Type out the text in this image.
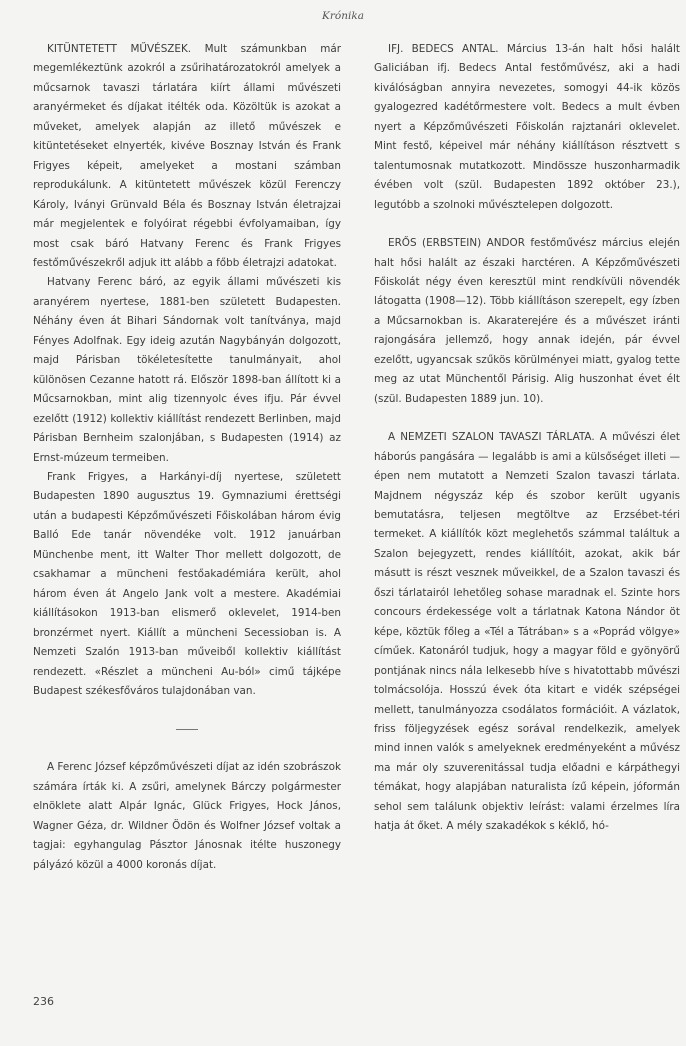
Krónika

KITÜNTETETT MŰVÉSZEK. Mult számunkban már megemlékeztünk azokról a zsűrihatározatokról amelyek a műcsarnok tavaszi tárlatára kiírt állami művészeti aranyérmeket és díjakat itélték oda. Közöltük is azokat a műveket, amelyek alapján az illető művészek e kitüntetéseket elnyerték, kivéve Bosznay István és Frank Frigyes képeit, amelyeket a mostani számban reprodukálunk. A kitüntetett művészek közül Ferenczy Károly, Iványi Grünvald Béla és Bosznay István életrajzai már megjelentek e folyóirat régebbi évfolyamaiban, így most csak báró Hatvany Ferenc és Frank Frigyes festőművészekről adjuk itt alább a főbb életrajzi adatokat.

Hatvany Ferenc báró, az egyik állami művészeti kis aranyérem nyertese, 1881-ben született Budapesten. Néhány éven át Bihari Sándornak volt tanítványa, majd Fényes Adolfnak. Egy ideig azután Nagybányán dolgozott, majd Párisban tökéletesítette tanulmányait, ahol különösen Cezanne hatott rá. Először 1898-ban állított ki a Műcsarnokban, mint alig tizennyolc éves ifju. Pár évvel ezelőtt (1912) kollektiv kiállítást rendezett Berlinben, majd Párisban Bernheim szalonjában, s Budapesten (1914) az Ernst-múzeum termeiben.

Frank Frigyes, a Harkányi-díj nyertese, született Budapesten 1890 augusztus 19. Gymnaziumi érettségi után a budapesti Képzőművészeti Főiskolában három évig Balló Ede tanár növendéke volt. 1912 januárban Münchenbe ment, itt Walter Thor mellett dolgozott, de csakhamar a müncheni festőakadémiára került, ahol három éven át Angelo Jank volt a mestere. Akadémiai kiállításokon 1913-ban elismerő oklevelet, 1914-ben bronzérmet nyert. Kiállít a müncheni Secessioban is. A Nemzeti Szalón 1913-ban műveiből kollektiv kiállítást rendezett. «Részlet a müncheni Au-ból» cimű tájképe Budapest székesfőváros tulajdonában van.

A Ferenc József képzőművészeti díjat az idén szobrászok számára írták ki. A zsűri, amelynek Bárczy polgármester elnöklete alatt Alpár Ignác, Glück Frigyes, Hock János, Wagner Géza, dr. Wildner Ödön és Wolfner József voltak a tagjai: egyhangulag Pásztor Jánosnak itélte huszonegy pályázó közül a 4000 koronás díjat.

IFJ. BEDECS ANTAL. Március 13-án halt hősi halált Galiciában ifj. Bedecs Antal festőművész, aki a hadi kiválóságban annyira nevezetes, somogyi 44-ik közös gyalogezred kadétőrmestere volt. Bedecs a mult évben nyert a Képzőművészeti Főiskolán rajztanári oklevelet. Mint festő, képeivel már néhány kiállításon résztvett s talentumosnak mutatkozott. Mindössze huszonharmadik évében volt (szül. Budapesten 1892 október 23.), legutóbb a szolnoki művésztelepen dolgozott.

ERŐS (ERBSTEIN) ANDOR festőművész március elején halt hősi halált az északi harctéren. A Képzőművészeti Főiskolát négy éven keresztül mint rendkívüli növendék látogatta (1908—12). Több kiállításon szerepelt, egy ízben a Műcsarnokban is. Akaraterejére és a művészet iránti rajongására jellemző, hogy annak idején, pár évvel ezelőtt, ugyancsak szűkös körülményei miatt, gyalog tette meg az utat Münchentől Párisig. Alig huszonhat évet élt (szül. Budapesten 1889 jun. 10).

A NEMZETI SZALON TAVASZI TÁRLATA. A művészi élet háborús pangására — legalább is ami a külsőséget illeti — épen nem mutatott a Nemzeti Szalon tavaszi tárlata. Majdnem négyszáz kép és szobor került ugyanis bemutatásra, teljesen megtöltve az Erzsébet-téri termeket. A kiállítók közt meglehetős számmal találtuk a Szalon bejegyzett, rendes kiállítóit, azokat, akik bár másutt is részt vesznek műveikkel, de a Szalon tavaszi és őszi tárlatairól lehetőleg sohase maradnak el. Szinte hors concours érdekessége volt a tárlatnak Katona Nándor öt képe, köztük főleg a «Tél a Tátrában» s a «Poprád völgye» címűek. Katonáról tudjuk, hogy a magyar föld e gyönyörű pontjának nincs nála lelkesebb híve s hivatottabb művészi tolmácsolója. Hosszú évek óta kitart e vidék szépségei mellett, tanulmányozza csodálatos formációit. A vázlatok, friss följegyzések egész sorával rendelkezik, amelyek mind innen valók s amelyeknek eredményeként a művész ma már oly szuverenitással tudja előadni e kárpáthegyi témákat, hogy alapjában naturalista ízű képein, jóformán sehol sem találunk objektiv leírást: valami érzelmes líra hatja át őket. A mély szakadékok s kéklő, hó-

236
